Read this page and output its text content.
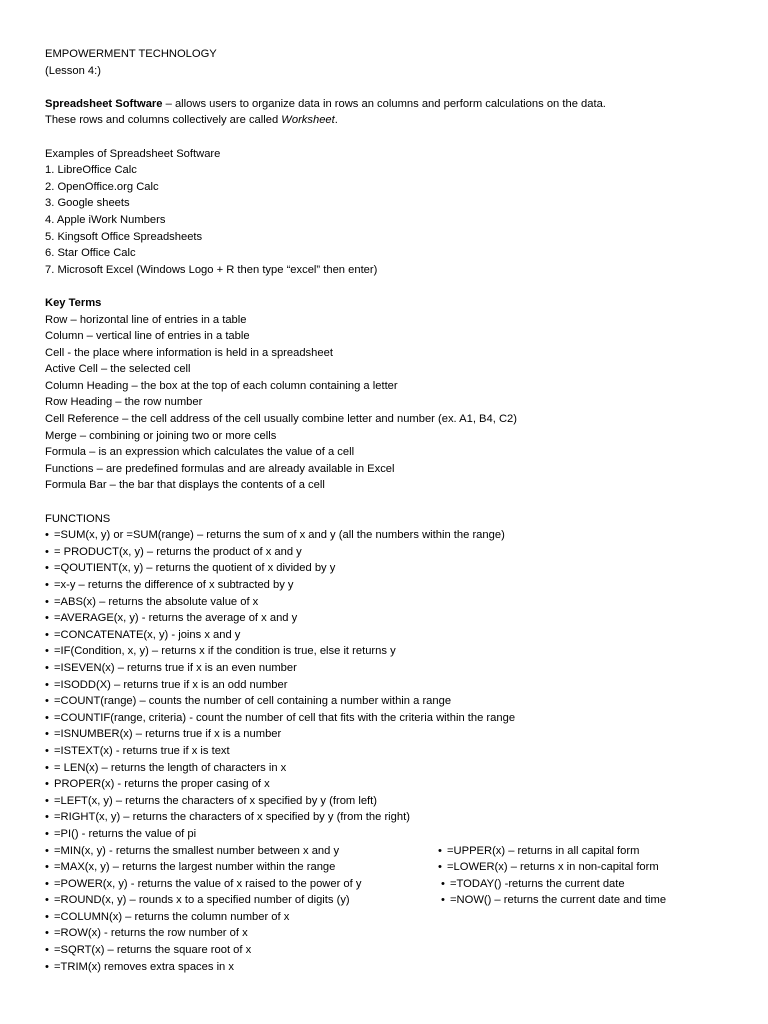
EMPOWERMENT TECHNOLOGY
(Lesson 4:)
Spreadsheet Software – allows users to organize data in rows an columns and perform calculations on the data.
These rows and columns collectively are called Worksheet.
Examples of Spreadsheet Software
1. LibreOffice Calc
2. OpenOffice.org Calc
3. Google sheets
4. Apple iWork Numbers
5. Kingsoft Office Spreadsheets
6. Star Office Calc
7. Microsoft Excel (Windows Logo + R then type “excel” then enter)
Key Terms
Row – horizontal line of entries in a table
Column – vertical line of entries in a table
Cell - the place where information is held in a spreadsheet
Active Cell – the selected cell
Column Heading – the box at the top of each column containing a letter
Row Heading – the row number
Cell Reference – the cell address of the cell usually combine letter and number (ex. A1, B4, C2)
Merge – combining or joining two or more cells
Formula – is an expression which calculates the value of a cell
Functions – are predefined formulas and are already available in Excel
Formula Bar – the bar that displays the contents of a cell
FUNCTIONS
• =SUM(x, y) or =SUM(range) – returns the sum of x and y (all the numbers within the range)
• = PRODUCT(x, y) – returns the product of x and y
• =QOUTIENT(x, y) – returns the quotient of x divided by y
• =x-y – returns the difference of x subtracted by y
• =ABS(x) – returns the absolute value of x
• =AVERAGE(x, y) - returns the average of x and y
• =CONCATENATE(x, y) - joins x and y
• =IF(Condition, x, y) – returns x if the condition is true, else it returns y
• =ISEVEN(x) – returns true if x is an even number
• =ISODD(X) – returns true if x is an odd number
• =COUNT(range) – counts the number of cell containing a number within a range
• =COUNTIF(range, criteria) - count the number of cell that fits with the criteria within the range
• =ISNUMBER(x) – returns true if x is a number
• =ISTEXT(x) - returns true if x is text
• = LEN(x) – returns the length of characters in x
• PROPER(x) - returns the proper casing of x
• =LEFT(x, y) – returns the characters of x specified by y (from left)
• =RIGHT(x, y) – returns the characters of x specified by y (from the right)
• =PI() - returns the value of pi
• =MIN(x, y) - returns the smallest number between x and y	• =UPPER(x) – returns in all capital form
• =MAX(x, y) – returns the largest number within the range	• =LOWER(x) – returns x in non-capital form
• =POWER(x, y) - returns the value of x raised to the power of y	• =TODAY() -returns the current date
• =ROUND(x, y) – rounds x to a specified number of digits (y)	• =NOW() – returns the current date and time
• =COLUMN(x) – returns the column number of x
• =ROW(x) - returns the row number of x
• =SQRT(x) – returns the square root of x
• =TRIM(x) removes extra spaces in x
